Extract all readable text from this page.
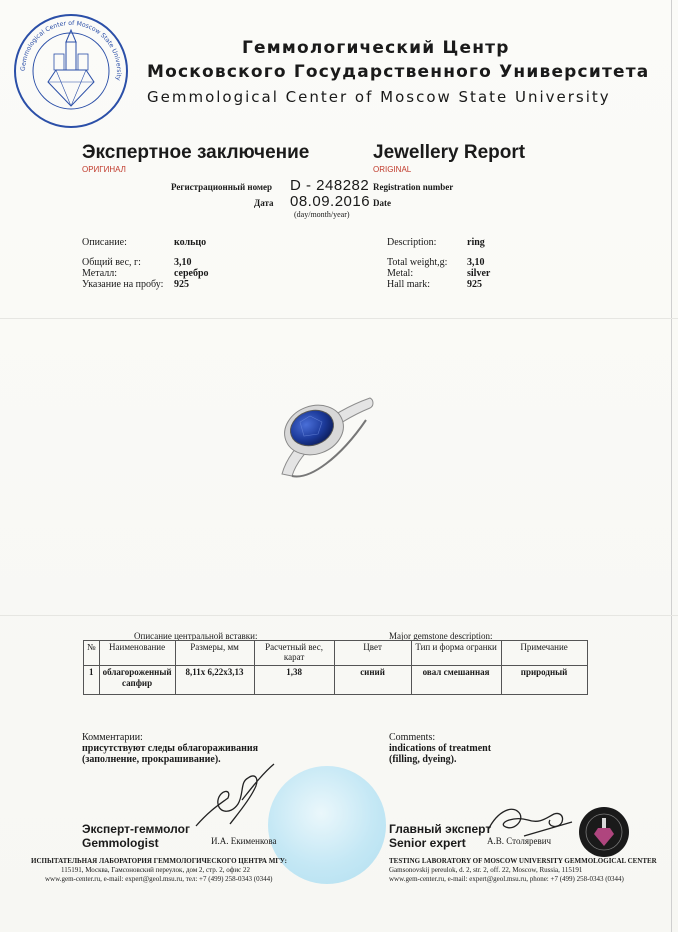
Gemmological Center of Moscow State University
Геммологический Центр
Московского Государственного Университета
Gemmological Center of Moscow State University
Экспертное заключение
ОРИГИНАЛ
Jewellery Report
ORIGINAL
Регистрационный номер D - 248282 Registration number
Дата 08.09.2016
(day/month/year)
Date
Описание:	кольцо
Общий вес, г:	3,10
Металл:	серебро
Указание на пробу: 925
Description:	ring
Total weight,g: 3,10
Metal:	silver
Hall mark:	925
Описание центральной вставки:	Major gemstone description:
№	Наименование	Размеры, мм	Расчетный вес, карат	Цвет	Тип и форма огранки	Примечание
1	облагороженный сапфир	8,11x 6,22x3,13	1,38	синий	овал смешанная	природный
Комментарии:
присутствуют следы облагораживания
(заполнение, прокрашивание).
Comments:
indications of treatment
(filling, dyeing).
Эксперт-геммолог
Gemmologist	И.А. Екименкова
Главный эксперт
Senior expert А.В. Столяревич
ИСПЫТАТЕЛЬНАЯ ЛАБОРАТОРИЯ ГЕММОЛОГИЧЕСКОГО ЦЕНТРА МГУ:
115191, Москва, Гамсоновский переулок, дом 2, стр. 2, офис 22
www.gem-center.ru, e-mail: expert@geol.msu.ru, тел: +7 (499) 258-0343 (0344)
TESTING LABORATORY OF MOSCOW UNIVERSITY GEMMOLOGICAL CENTER
Gamsonovskij pereulok, d. 2, str. 2, off. 22, Moscow, Russia, 115191
www.gem-center.ru, e-mail: expert@geol.msu.ru, phone: +7 (499) 258-0343 (0344)
